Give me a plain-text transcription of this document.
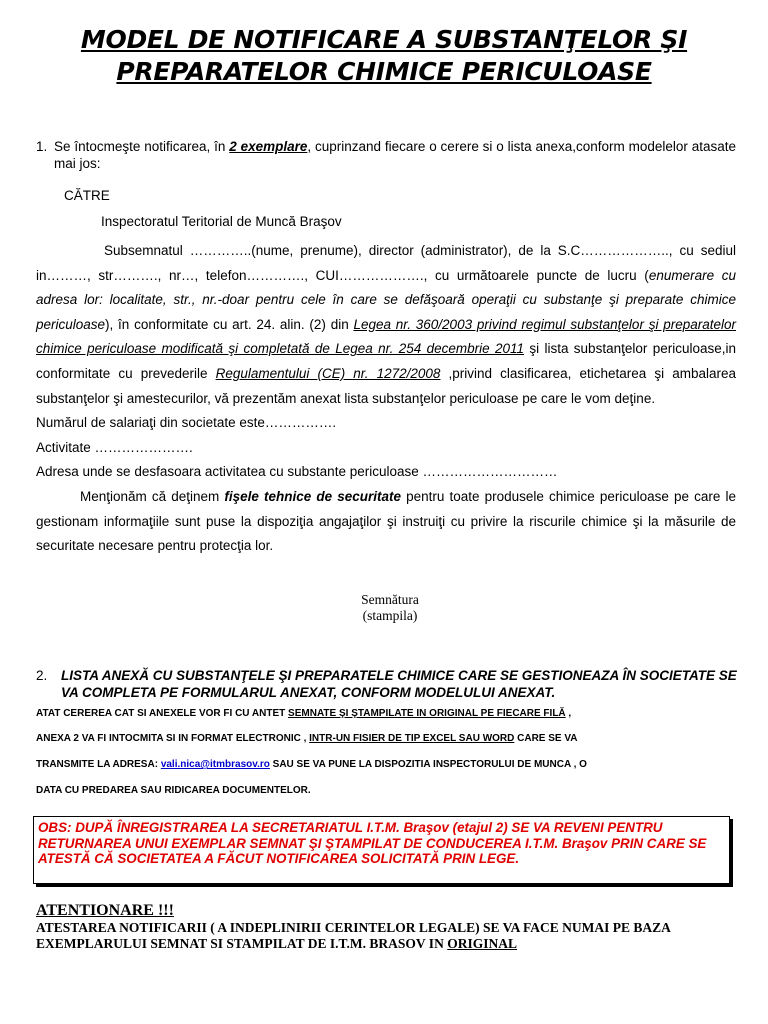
MODEL DE NOTIFICARE A SUBSTANŢELOR ŞI
PREPARATELOR CHIMICE PERICULOASE
1. Se întocmeşte notificarea, în 2 exemplare, cuprinzand fiecare o cerere si o lista anexa,conform modelelor atasate mai jos:
CĂTRE
Inspectoratul Teritorial de Muncă Braşov

Subsemnatul …………..(nume, prenume), director (administrator), de la S.C……………….., cu sediul in………, str………., nr…, telefon…………., CUI………………., cu următoarele puncte de lucru (enumerare cu adresa lor: localitate, str., nr.-doar pentru cele în care se defăşoară operaţii cu substanţe şi preparate chimice periculoase), în conformitate cu art. 24. alin. (2) din Legea nr. 360/2003 privind regimul substanţelor şi preparatelor chimice periculoase modificată şi completată de Legea nr. 254 decembrie 2011 şi lista substanţelor periculoase,in conformitate cu prevederile Regulamentului (CE) nr. 1272/2008 ,privind clasificarea, etichetarea şi ambalarea substanţelor şi amestecurilor, vă prezentăm anexat lista substanţelor periculoase pe care le vom deţine.

Numărul de salariaţi din societate este…………….

Activitate ………………….

Adresa unde se desfasoara activitatea cu substante periculoase …………………………

Menţionăm că deţinem fişele tehnice de securitate pentru toate produsele chimice periculoase pe care le gestionam informaţiile sunt puse la dispoziţia angajaţilor şi instruiţi cu privire la riscurile chimice şi la măsurile de securitate necesare pentru protecţia lor.

Semnătura
(stampila)
2. LISTA ANEXĂ CU SUBSTANŢELE ŞI PREPARATELE CHIMICE CARE SE GESTIONEAZA ÎN SOCIETATE SE VA COMPLETA PE FORMULARUL ANEXAT, CONFORM MODELULUI ANEXAT.
ATAT CEREREA CAT SI ANEXELE VOR FI CU ANTET SEMNATE ŞI ŞTAMPILATE IN ORIGINAL PE FIECARE FILĂ ,
ANEXA 2 VA FI INTOCMITA SI IN FORMAT ELECTRONIC , INTR-UN FISIER DE TIP EXCEL SAU WORD CARE SE VA
TRANSMITE LA ADRESA: vali.nica@itmbrasov.ro SAU SE VA PUNE LA DISPOZITIA INSPECTORULUI DE MUNCA , O
DATA CU PREDAREA SAU RIDICAREA DOCUMENTELOR.
OBS: DUPĂ ÎNREGISTRAREA LA SECRETARIATUL I.T.M. Braşov (etajul 2) SE VA REVENI PENTRU RETURNAREA UNUI EXEMPLAR SEMNAT ŞI ŞTAMPILAT DE CONDUCEREA I.T.M. Braşov PRIN CARE SE ATESTĂ CĂ SOCIETATEA A FĂCUT NOTIFICAREA SOLICITATĂ PRIN LEGE.
ATENTIONARE !!!
ATESTAREA NOTIFICARII ( A INDEPLINIRII CERINTELOR LEGALE) SE VA FACE NUMAI PE BAZA EXEMPLARULUI SEMNAT SI STAMPILAT DE I.T.M. BRASOV IN ORIGINAL
